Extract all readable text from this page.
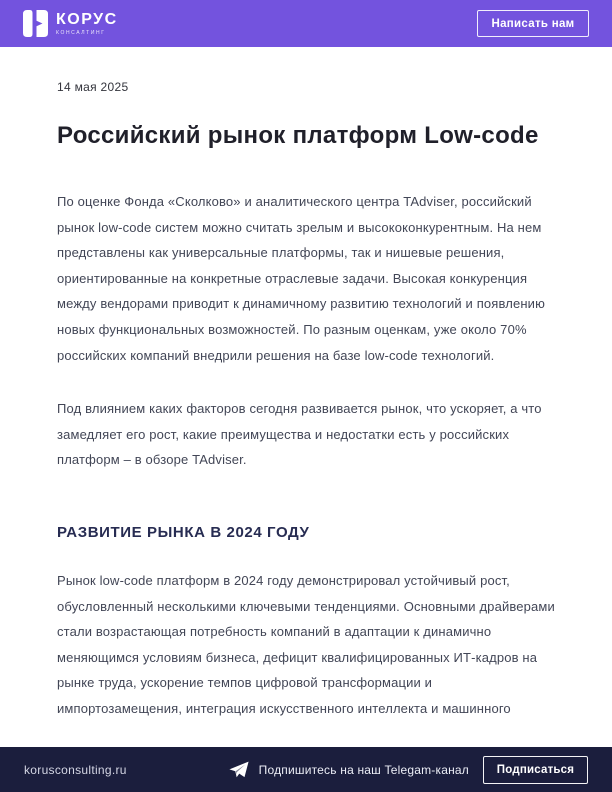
КОРУС
КОНСАЛТИНГ
Написать нам
14 мая 2025
Российский рынок платформ Low-code

По оценке Фонда «Сколково» и аналитического центра TAdviser, российский рынок low-code систем можно считать зрелым и высококонкурентным. На нем представлены как универсальные платформы, так и нишевые решения, ориентированные на конкретные отраслевые задачи. Высокая конкуренция между вендорами приводит к динамичному развитию технологий и появлению новых функциональных возможностей. По разным оценкам, уже около 70% российских компаний внедрили решения на базе low-code технологий.

Под влиянием каких факторов сегодня развивается рынок, что ускоряет, а что замедляет его рост, какие преимущества и недостатки есть у российских платформ – в обзоре TAdviser.

РАЗВИТИЕ РЫНКА В 2024 ГОДУ

Рынок low-code платформ в 2024 году демонстрировал устойчивый рост, обусловленный несколькими ключевыми тенденциями. Основными драйверами стали возрастающая потребность компаний в адаптации к динамично меняющимся условиям бизнеса, дефицит квалифицированных ИТ-кадров на рынке труда, ускорение темпов цифровой трансформации и импортозамещения, интеграция искусственного интеллекта и машинного

korusconsulting.ru	Подпишитесь на наш Telegam-канал	Подписаться
